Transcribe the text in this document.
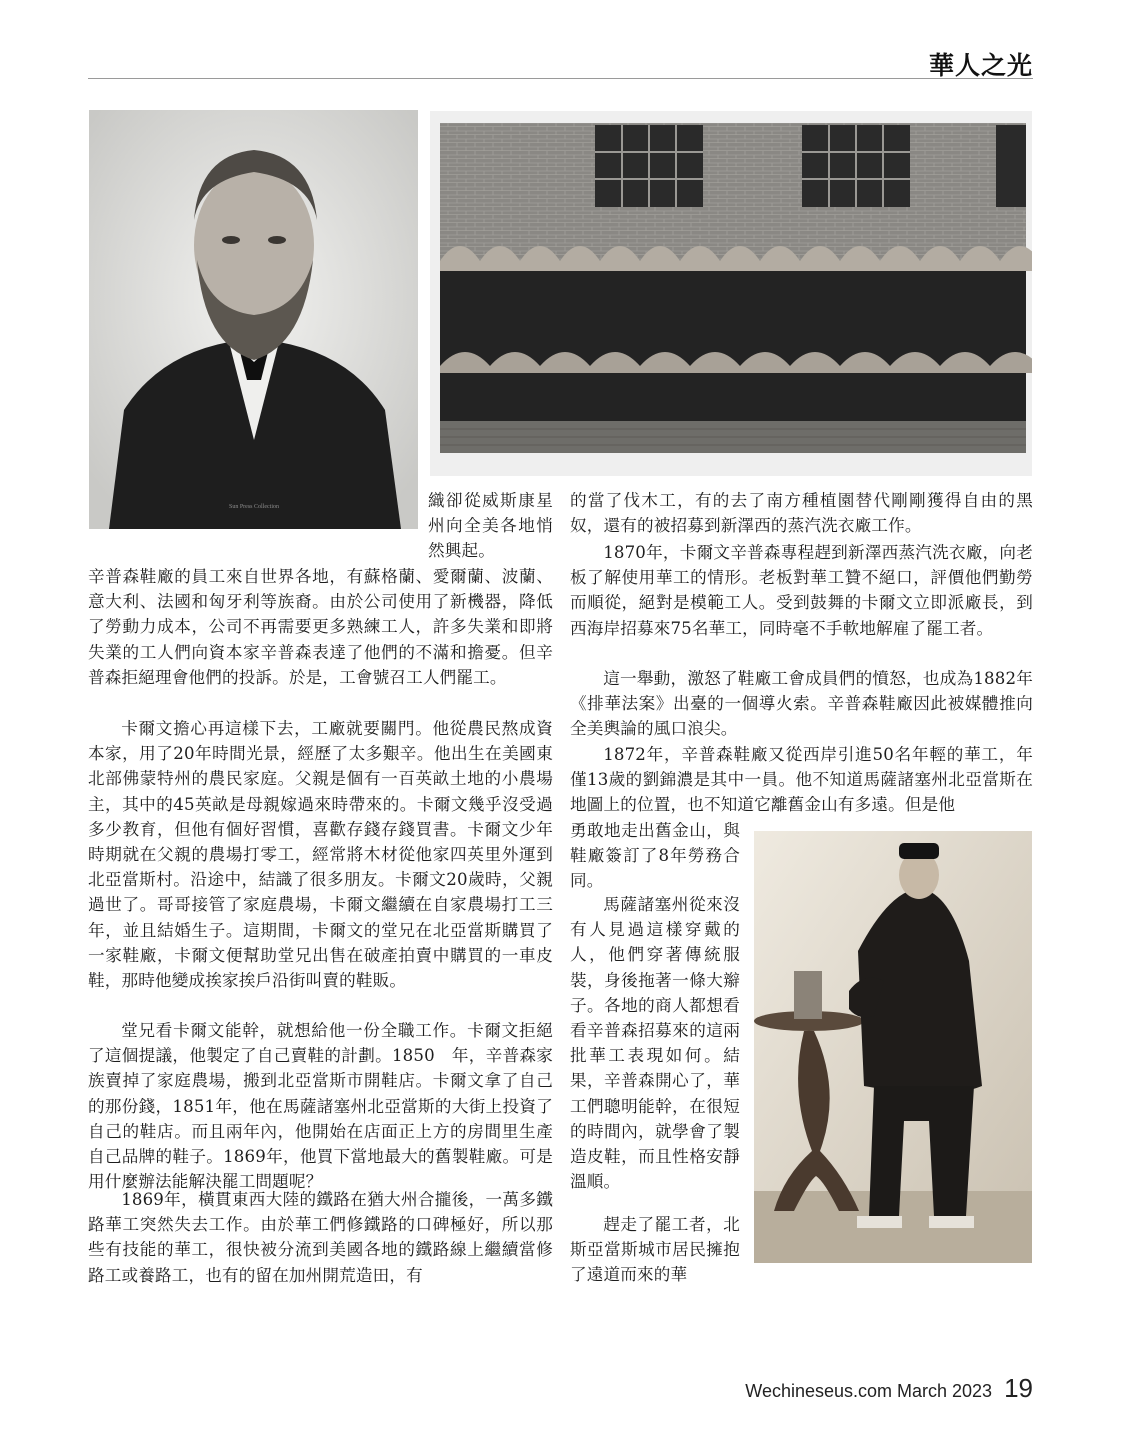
華人之光
Sun Press Collection	織卻從威斯康星州向全美各地悄然興起。

辛普森鞋廠的員工來自世界各地，有蘇格蘭、愛爾蘭、波蘭、意大利、法國和匈牙利等族裔。由於公司使用了新機器，降低了勞動力成本，公司不再需要更多熟練工人，許多失業和即將失業的工人們向資本家辛普森表達了他們的不滿和擔憂。但辛普森拒絕理會他們的投訴。於是，工會號召工人們罷工。

卡爾文擔心再這樣下去，工廠就要關門。他從農民熬成資本家，用了20年時間光景，經歷了太多艱辛。他出生在美國東北部佛蒙特州的農民家庭。父親是個有一百英畝土地的小農場主，其中的45英畝是母親嫁過來時帶來的。卡爾文幾乎沒受過多少教育，但他有個好習慣，喜歡存錢存錢買書。卡爾文少年時期就在父親的農場打零工，經常將木材從他家四英里外運到北亞當斯村。沿途中，結識了很多朋友。卡爾文20歲時，父親過世了。哥哥接管了家庭農場，卡爾文繼續在自家農場打工三年，並且結婚生子。這期間，卡爾文的堂兄在北亞當斯購買了一家鞋廠，卡爾文便幫助堂兄出售在破產拍賣中購買的一車皮鞋，那時他變成挨家挨戶沿街叫賣的鞋販。

堂兄看卡爾文能幹，就想給他一份全職工作。卡爾文拒絕了這個提議，他製定了自己賣鞋的計劃。1850　年，辛普森家族賣掉了家庭農場，搬到北亞當斯市開鞋店。卡爾文拿了自己的那份錢，1851年，他在馬薩諸塞州北亞當斯的大街上投資了自己的鞋店。而且兩年內，他開始在店面正上方的房間里生產自己品牌的鞋子。1869年，他買下當地最大的舊製鞋廠。可是用什麼辦法能解決罷工問題呢？

1869年，橫貫東西大陸的鐵路在猶大州合攏後，一萬多鐵路華工突然失去工作。由於華工們修鐵路的口碑極好，所以那些有技能的華工，很快被分流到美國各地的鐵路線上繼續當修路工或養路工，也有的留在加州開荒造田，有

的當了伐木工，有的去了南方種植園替代剛剛獲得自由的黑奴，還有的被招募到新澤西的蒸汽洗衣廠工作。

1870年，卡爾文辛普森專程趕到新澤西蒸汽洗衣廠，向老板了解使用華工的情形。老板對華工贊不絕口，評價他們勤勞而順從，絕對是模範工人。受到鼓舞的卡爾文立即派廠長，到西海岸招募來75名華工，同時毫不手軟地解雇了罷工者。

這一舉動，激怒了鞋廠工會成員們的憤怒，也成為1882年《排華法案》出臺的一個導火索。辛普森鞋廠因此被媒體推向全美輿論的風口浪尖。

1872年，辛普森鞋廠又從西岸引進50名年輕的華工，年僅13歲的劉錦濃是其中一員。他不知道馬薩諸塞州北亞當斯在地圖上的位置，也不知道它離舊金山有多遠。但是他

勇敢地走出舊金山，與鞋廠簽訂了8年勞務合同。

馬薩諸塞州從來沒有人見過這樣穿戴的人，他們穿著傳統服裝，身後拖著一條大辮子。各地的商人都想看看辛普森招募來的這兩批華工表現如何。結果，辛普森開心了，華工們聰明能幹，在很短的時間內，就學會了製造皮鞋，而且性格安靜溫順。

趕走了罷工者，北斯亞當斯城市居民擁抱了遠道而來的華

Wechineseus.com March 2023 19
